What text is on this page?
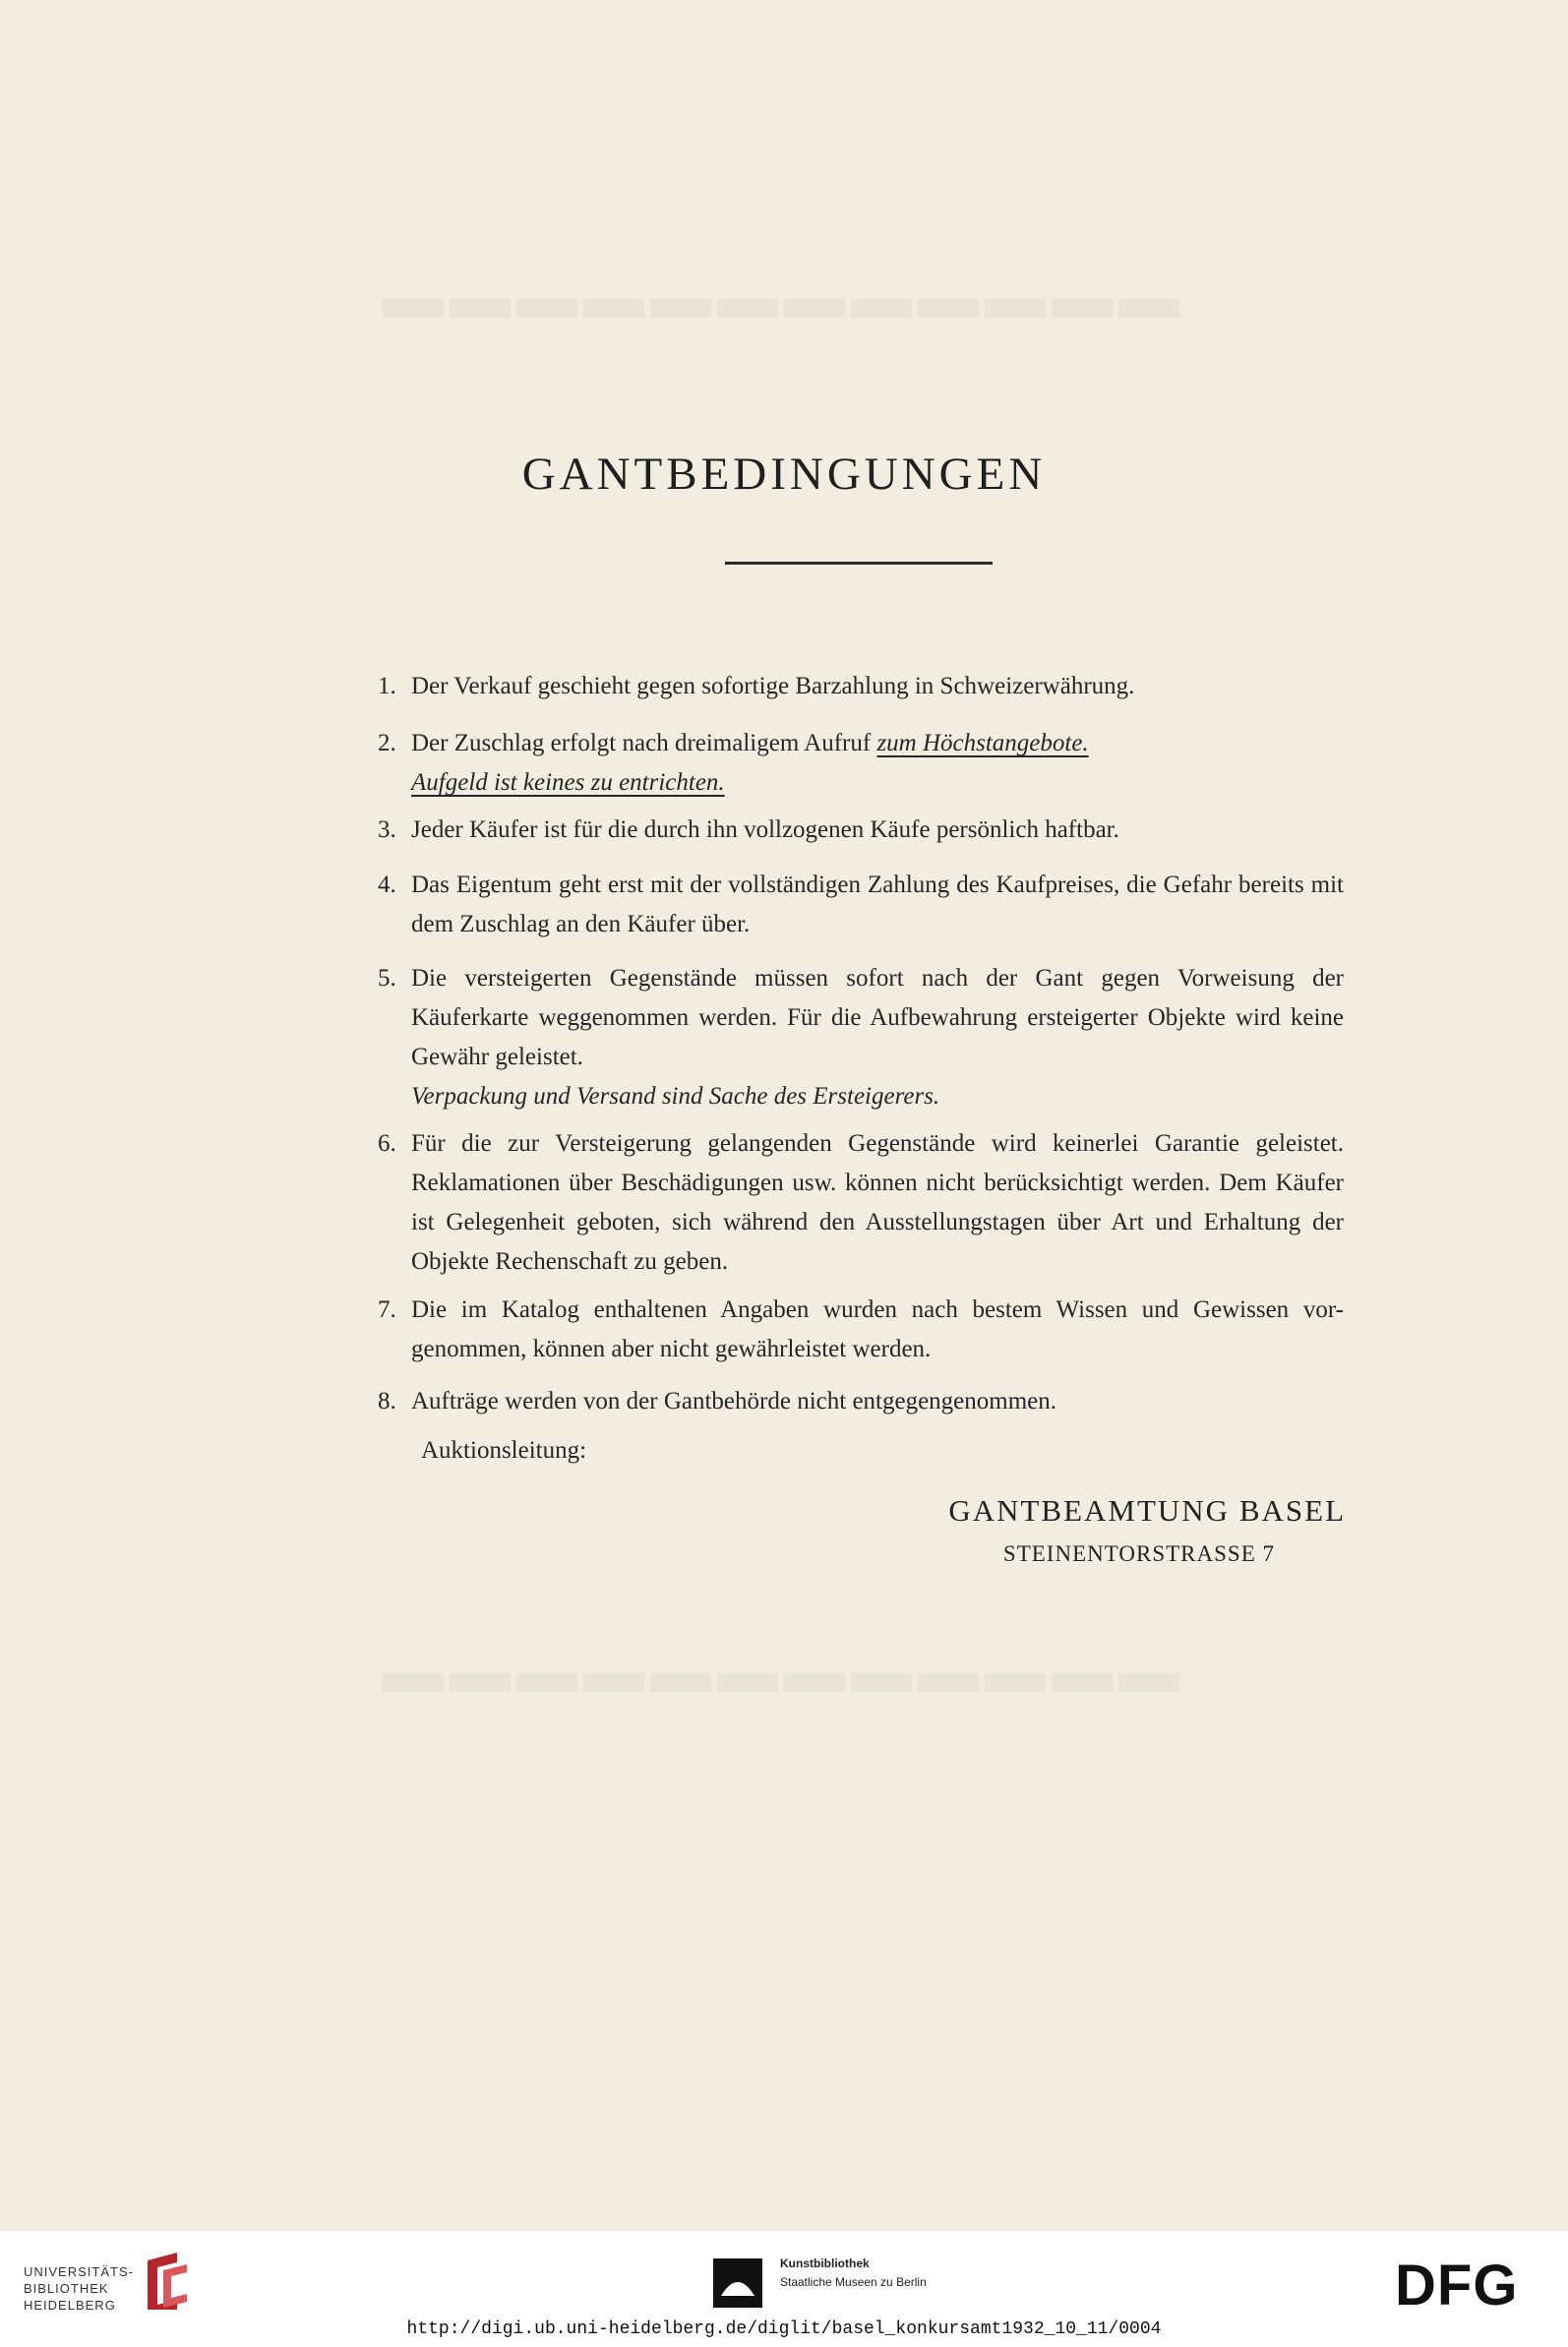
▬▬▬▬▬▬▬▬▬▬▬▬
▬▬▬▬▬▬▬▬▬▬▬▬
GANTBEDINGUNGEN
1. Der Verkauf geschieht gegen sofortige Barzahlung in Schweizerwährung.
2. Der Zuschlag erfolgt nach dreimaligem Aufruf zum Höchstangebote.
Aufgeld ist keines zu entrichten.
3. Jeder Käufer ist für die durch ihn vollzogenen Käufe persönlich haftbar.
4. Das Eigentum geht erst mit der vollständigen Zahlung des Kaufpreises, die Gefahr bereits mit dem Zuschlag an den Käufer über.
5. Die versteigerten Gegenstände müssen sofort nach der Gant gegen Vorweisung der Käuferkarte weggenommen werden. Für die Aufbewahrung ersteigerter Objekte wird keine Gewähr geleistet.
Verpackung und Versand sind Sache des Ersteigerers.
6. Für die zur Versteigerung gelangenden Gegenstände wird keinerlei Garantie geleistet. Reklamationen über Beschädigungen usw. können nicht berücksichtigt werden. Dem Käufer ist Gelegenheit geboten, sich während den Ausstellungstagen über Art und Erhaltung der Objekte Rechenschaft zu geben.
7. Die im Katalog enthaltenen Angaben wurden nach bestem Wissen und Gewissen vor-genommen, können aber nicht gewährleistet werden.
8. Aufträge werden von der Gantbehörde nicht entgegengenommen.
Auktionsleitung:
GANTBEAMTUNG BASEL
STEINENTORSTRASSE 7
UNIVERSITÄTS-
BIBLIOTHEK
HEIDELBERG
Kunstbibliothek
Staatliche Museen zu Berlin	DFG
http://digi.ub.uni-heidelberg.de/diglit/basel_konkursamt1932_10_11/0004
